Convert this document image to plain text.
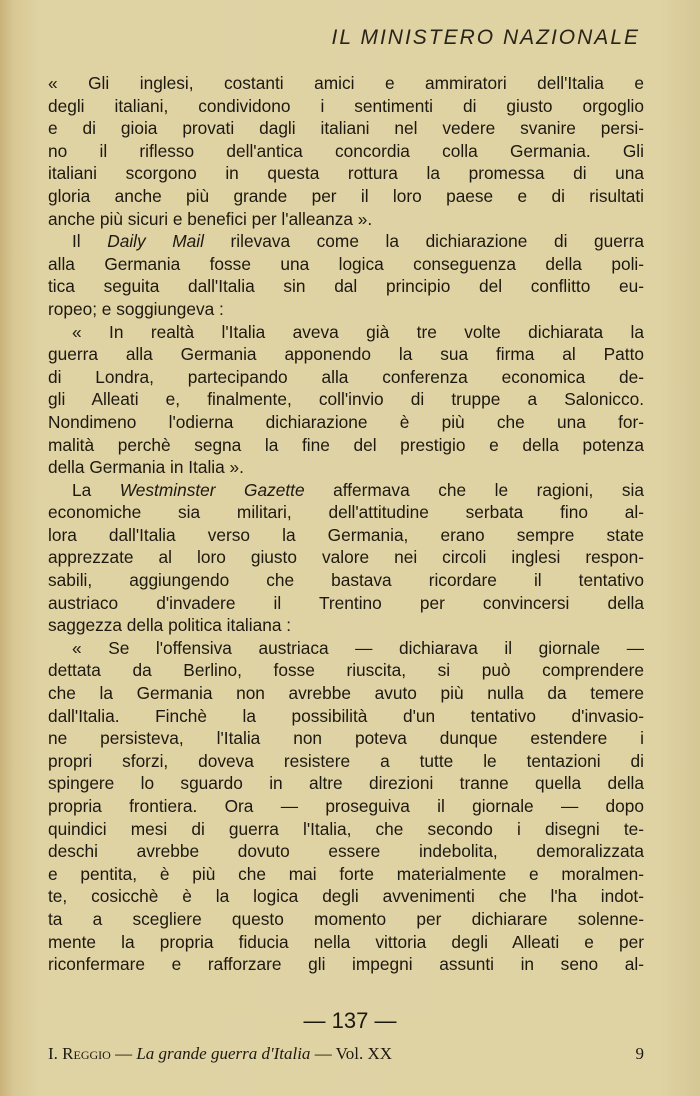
IL MINISTERO NAZIONALE
« Gli inglesi, costanti amici e ammiratori dell'Italia e
degli italiani, condividono i sentimenti di giusto orgoglio
e di gioia provati dagli italiani nel vedere svanire persi-
no il riflesso dell'antica concordia colla Germania. Gli
italiani scorgono in questa rottura la promessa di una
gloria anche più grande per il loro paese e di risultati
anche più sicuri e benefici per l'alleanza ».
Il Daily Mail rilevava come la dichiarazione di guerra
alla Germania fosse una logica conseguenza della poli-
tica seguita dall'Italia sin dal principio del conflitto eu-
ropeo; e soggiungeva :
« In realtà l'Italia aveva già tre volte dichiarata la
guerra alla Germania apponendo la sua firma al Patto
di Londra, partecipando alla conferenza economica de-
gli Alleati e, finalmente, coll'invio di truppe a Salonicco.
Nondimeno l'odierna dichiarazione è più che una for-
malità perchè segna la fine del prestigio e della potenza
della Germania in Italia ».
La Westminster Gazette affermava che le ragioni, sia
economiche sia militari, dell'attitudine serbata fino al-
lora dall'Italia verso la Germania, erano sempre state
apprezzate al loro giusto valore nei circoli inglesi respon-
sabili, aggiungendo che bastava ricordare il tentativo
austriaco d'invadere il Trentino per convincersi della
saggezza della politica italiana :
« Se l'offensiva austriaca — dichiarava il giornale —
dettata da Berlino, fosse riuscita, si può comprendere
che la Germania non avrebbe avuto più nulla da temere
dall'Italia. Finchè la possibilità d'un tentativo d'invasio-
ne persisteva, l'Italia non poteva dunque estendere i
propri sforzi, doveva resistere a tutte le tentazioni di
spingere lo sguardo in altre direzioni tranne quella della
propria frontiera. Ora — proseguiva il giornale — dopo
quindici mesi di guerra l'Italia, che secondo i disegni te-
deschi avrebbe dovuto essere indebolita, demoralizzata
e pentita, è più che mai forte materialmente e moralmen-
te, cosicchè è la logica degli avvenimenti che l'ha indot-
ta a scegliere questo momento per dichiarare solenne-
mente la propria fiducia nella vittoria degli Alleati e per
riconfermare e rafforzare gli impegni assunti in seno al-
— 137 —
I. Reggio — La grande guerra d'Italia — Vol. XX	9
